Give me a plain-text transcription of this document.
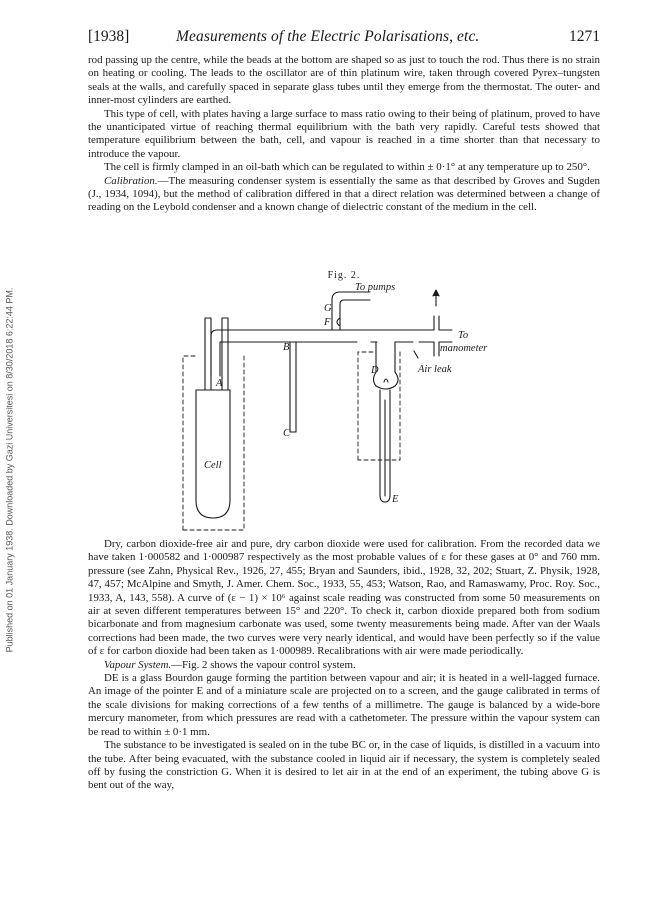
Published on 01 January 1938. Downloaded by Gazi Universitesi on 8/30/2018 6:22:44 PM.
[1938]	Measurements of the Electric Polarisations, etc.	1271

rod passing up the centre, while the beads at the bottom are shaped so as just to touch the rod. Thus there is no strain on heating or cooling. The leads to the oscillator are of thin platinum wire, taken through covered Pyrex–tungsten seals at the walls, and carefully spaced in separate glass tubes until they emerge from the thermostat. The outer- and inner-most cylinders are earthed.

This type of cell, with plates having a large surface to mass ratio owing to their being of platinum, proved to have the unanticipated virtue of reaching thermal equilibrium with the bath very rapidly. Careful tests showed that temperature equilibrium between the bath, cell, and vapour is reached in a time shorter than that necessary to introduce the vapour.

The cell is firmly clamped in an oil-bath which can be regulated to within ± 0·1° at any temperature up to 250°.

Calibration.—The measuring condenser system is essentially the same as that described by Groves and Sugden (J., 1934, 1094), but the method of calibration differed in that a direct relation was determined between a change of reading on the Leybold condenser and a known change of dielectric constant of the medium in the cell.

Fig. 2.
To pumps
G
F
B
C
A
D
E
Cell
To
manometer
Air leak

Dry, carbon dioxide-free air and pure, dry carbon dioxide were used for calibration. From the recorded data we have taken 1·000582 and 1·000987 respectively as the most probable values of ε for these gases at 0° and 760 mm. pressure (see Zahn, Physical Rev., 1926, 27, 455; Bryan and Saunders, ibid., 1928, 32, 202; Stuart, Z. Physik, 1928, 47, 457; McAlpine and Smyth, J. Amer. Chem. Soc., 1933, 55, 453; Watson, Rao, and Ramaswamy, Proc. Roy. Soc., 1933, A, 143, 558). A curve of (ε − 1) × 10⁶ against scale reading was constructed from some 50 measurements on air at seven different temperatures between 15° and 220°. To check it, carbon dioxide prepared both from sodium bicarbonate and from magnesium carbonate was used, some twenty measurements being made. After van der Waals corrections had been made, the two curves were very nearly identical, and would have been perfectly so if the value of ε for carbon dioxide had been taken as 1·000989. Recalibrations with air were made periodically.

Vapour System.—Fig. 2 shows the vapour control system.

DE is a glass Bourdon gauge forming the partition between vapour and air; it is heated in a well-lagged furnace. An image of the pointer E and of a miniature scale are projected on to a screen, and the gauge calibrated in terms of the scale divisions for making corrections of a few tenths of a millimetre. The gauge is balanced by a wide-bore mercury manometer, from which pressures are read with a cathetometer. The pressure within the vapour system can be read to within ± 0·1 mm.

The substance to be investigated is sealed on in the tube BC or, in the case of liquids, is distilled in a vacuum into the tube. After being evacuated, with the substance cooled in liquid air if necessary, the system is completely sealed off by fusing the constriction G. When it is desired to let air in at the end of an experiment, the tubing above G is bent out of the way,
